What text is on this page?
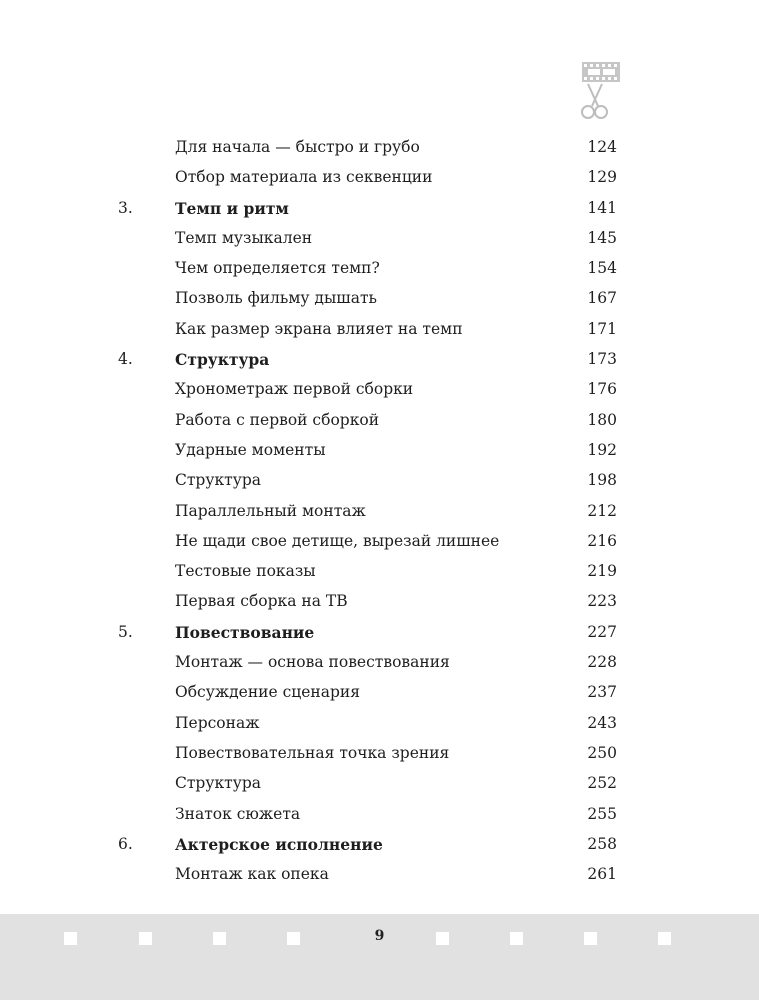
Для начала — быстро и грубо	124
Отбор материала из секвенции	129
3.	Темп и ритм	141
Темп музыкален	145
Чем определяется темп?	154
Позволь фильму дышать	167
Как размер экрана влияет на темп	171
4.	Структура	173
Хронометраж первой сборки	176
Работа с первой сборкой	180
Ударные моменты	192
Структура	198
Параллельный монтаж	212
Не щади свое детище, вырезай лишнее	216
Тестовые показы	219
Первая сборка на ТВ	223
5.	Повествование	227
Монтаж — основа повествования	228
Обсуждение сценария	237
Персонаж	243
Повествовательная точка зрения	250
Структура	252
Знаток сюжета	255
6.	Актерское исполнение	258
Монтаж как опека	261
9
